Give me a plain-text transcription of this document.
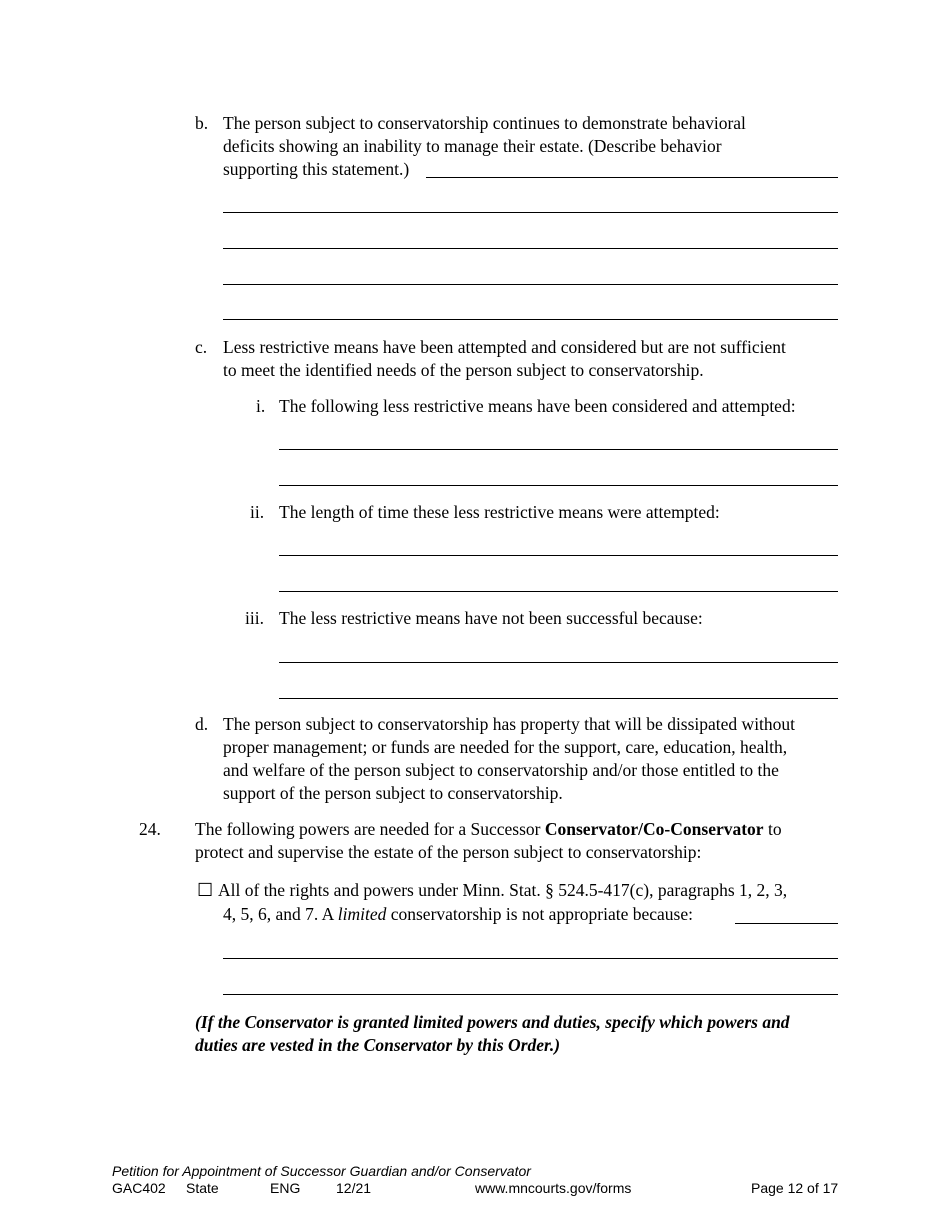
b. The person subject to conservatorship continues to demonstrate behavioral
deficits showing an inability to manage their estate. (Describe behavior
supporting this statement.)
c. Less restrictive means have been attempted and considered but are not sufficient
to meet the identified needs of the person subject to conservatorship.
i. The following less restrictive means have been considered and attempted:
ii. The length of time these less restrictive means were attempted:
iii. The less restrictive means have not been successful because:
d. The person subject to conservatorship has property that will be dissipated without
proper management; or funds are needed for the support, care, education, health,
and welfare of the person subject to conservatorship and/or those entitled to the
support of the person subject to conservatorship.
24. The following powers are needed for a Successor Conservator/Co-Conservator to
protect and supervise the estate of the person subject to conservatorship:
☐ All of the rights and powers under Minn. Stat. § 524.5-417(c), paragraphs 1, 2, 3,
4, 5, 6, and 7. A limited conservatorship is not appropriate because:
(If the Conservator is granted limited powers and duties, specify which powers and
duties are vested in the Conservator by this Order.)
Petition for Appointment of Successor Guardian and/or Conservator
GAC402 State	ENG	12/21	www.mncourts.gov/forms	Page 12 of 17
